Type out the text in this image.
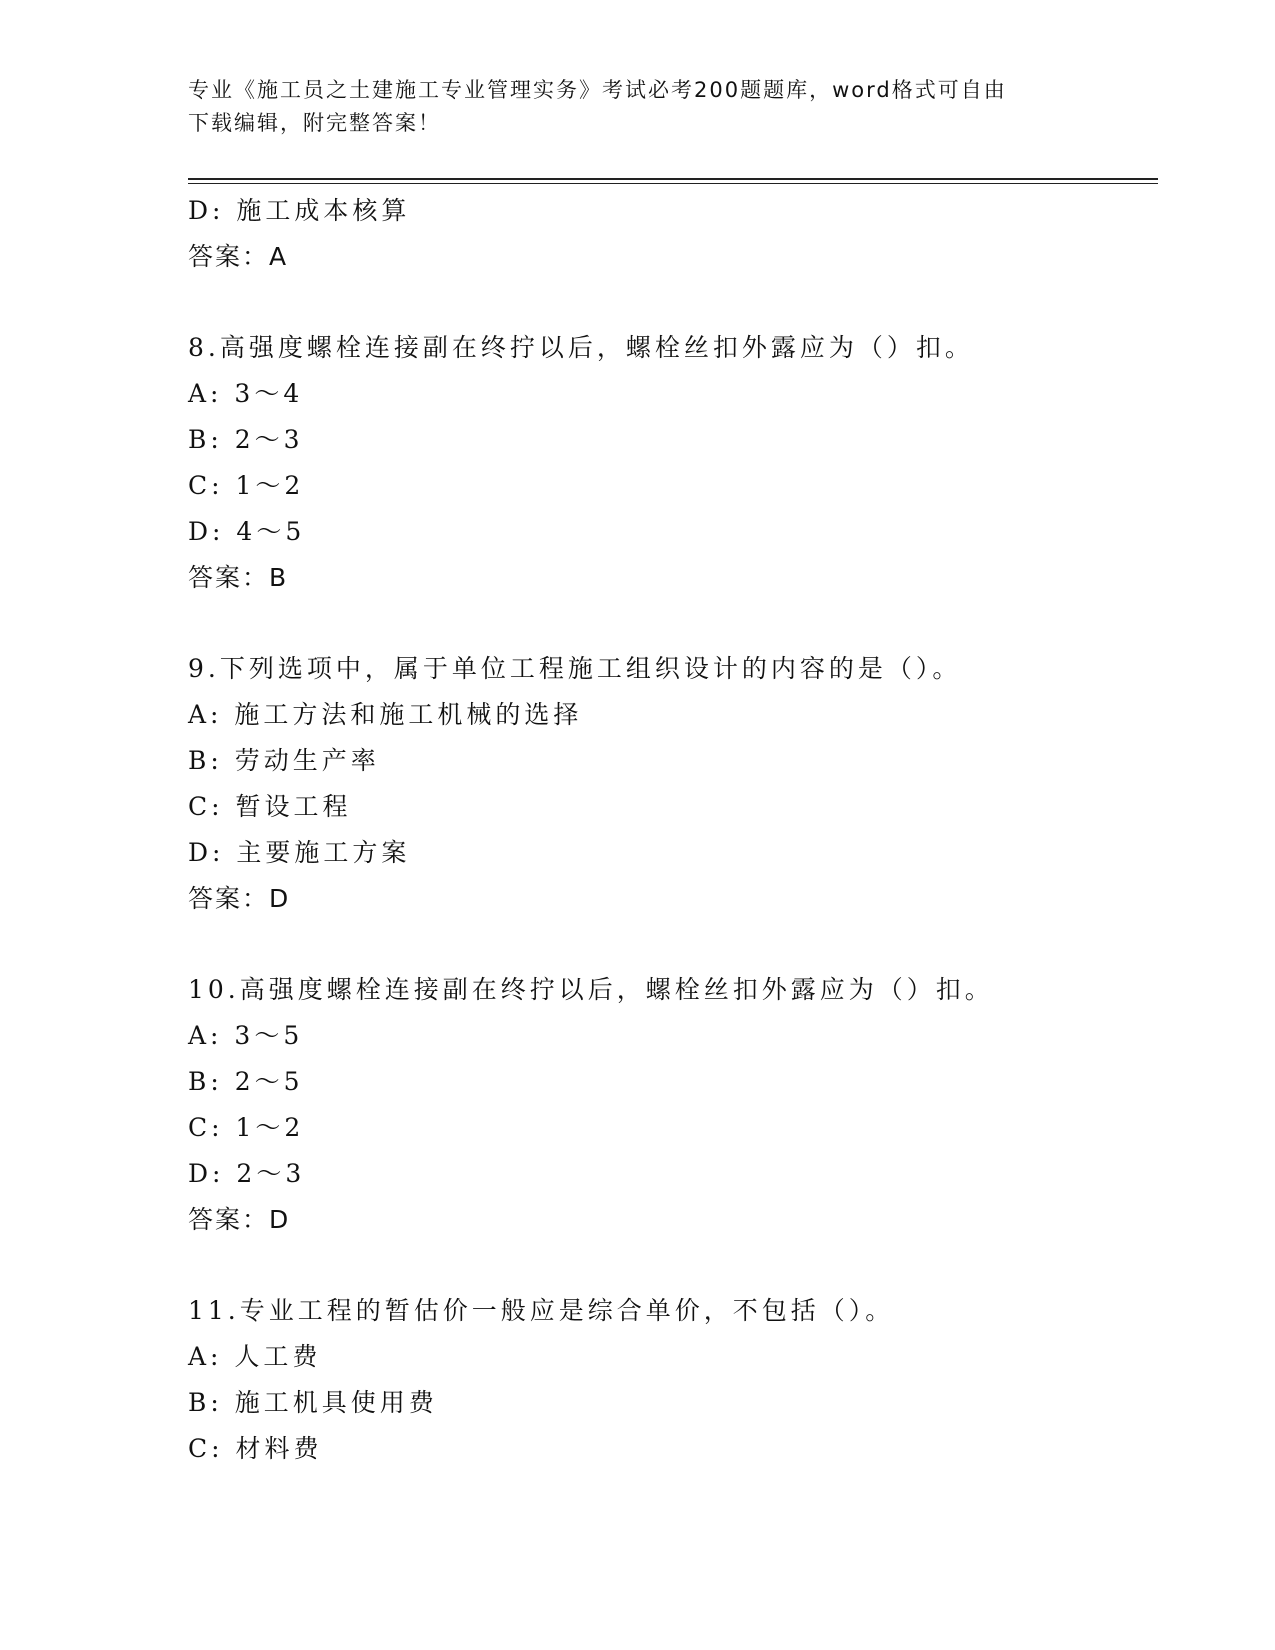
专业《施工员之土建施工专业管理实务》考试必考200题题库，word格式可自由
下载编辑，附完整答案！
D: 施工成本核算
答案：A
8.高强度螺栓连接副在终拧以后，螺栓丝扣外露应为（）扣。
A: 3～4
B: 2～3
C: 1～2
D: 4～5
答案：B
9.下列选项中，属于单位工程施工组织设计的内容的是（）。
A: 施工方法和施工机械的选择
B: 劳动生产率
C: 暂设工程
D: 主要施工方案
答案：D
10.高强度螺栓连接副在终拧以后，螺栓丝扣外露应为（）扣。
A: 3～5
B: 2～5
C: 1～2
D: 2～3
答案：D
11.专业工程的暂估价一般应是综合单价，不包括（）。
A: 人工费
B: 施工机具使用费
C: 材料费
